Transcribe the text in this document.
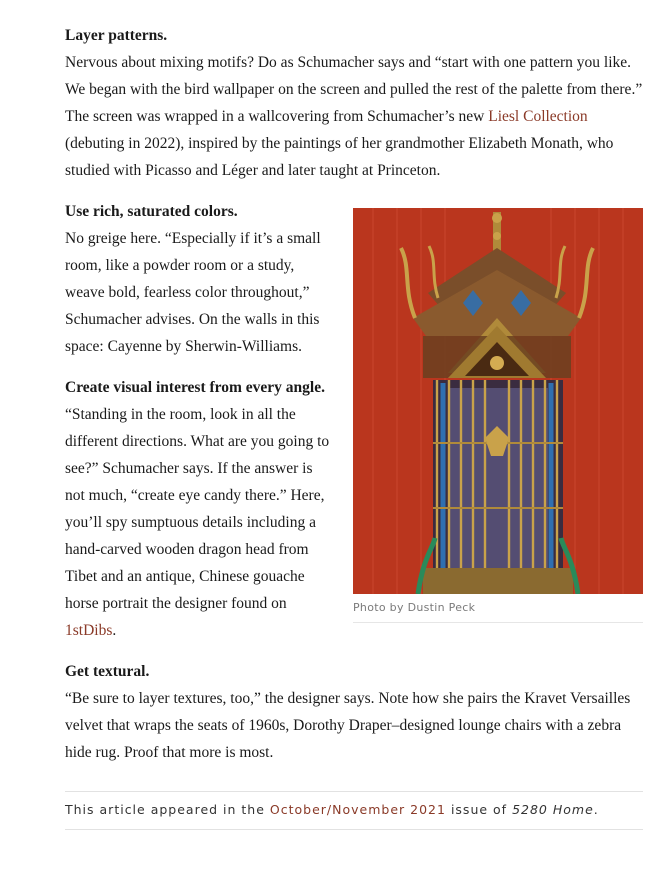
Layer patterns.

Nervous about mixing motifs? Do as Schumacher says and “start with one pattern you like. We began with the bird wallpaper on the screen and pulled the rest of the palette from there.” The screen was wrapped in a wallcovering from Schumacher’s new Liesl Collection (debuting in 2022), inspired by the paintings of her grandmother Elizabeth Monath, who studied with Picasso and Léger and later taught at Princeton.

Photo by Dustin Peck
Use rich, saturated colors.

No greige here. “Especially if it’s a small room, like a powder room or a study, weave bold, fearless color throughout,” Schumacher advises. On the walls in this space: Cayenne by Sherwin-Williams.

Create visual interest from every angle.

“Standing in the room, look in all the different directions. What are you going to see?” Schumacher says. If the answer is not much, “create eye candy there.” Here, you’ll spy sumptuous details including a hand-carved wooden dragon head from Tibet and an antique, Chinese gouache horse portrait the designer found on 1stDibs.

Get textural.

“Be sure to layer textures, too,” the designer says. Note how she pairs the Kravet Versailles velvet that wraps the seats of 1960s, Dorothy Draper–designed lounge chairs with a zebra hide rug. Proof that more is most.

This article appeared in the October/November 2021 issue of 5280 Home.
